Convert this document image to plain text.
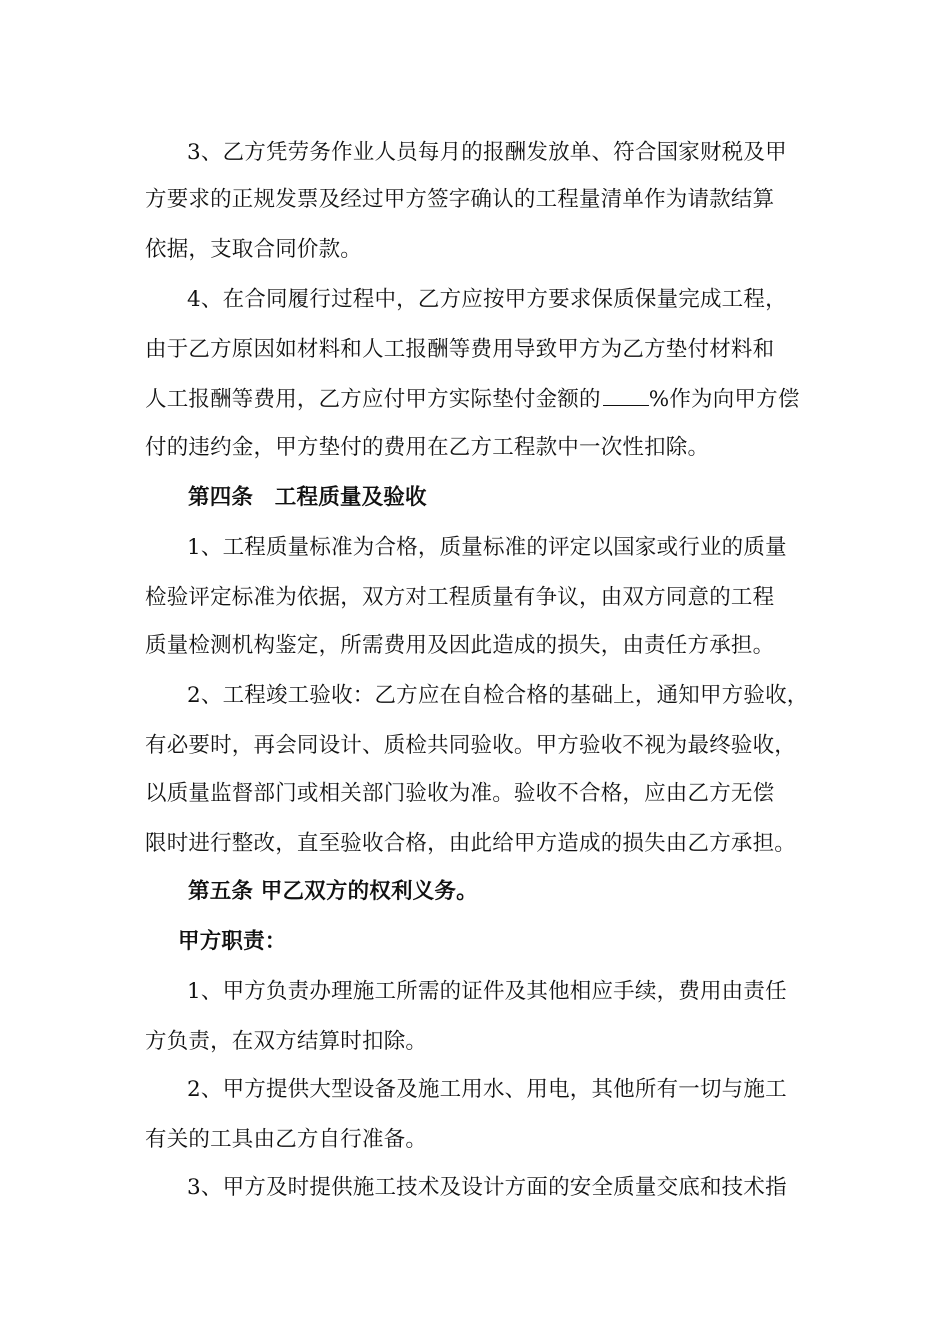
3、乙方凭劳务作业人员每月的报酬发放单、符合国家财税及甲
方要求的正规发票及经过甲方签字确认的工程量清单作为请款结算
依据，支取合同价款。
4、在合同履行过程中，乙方应按甲方要求保质保量完成工程，
由于乙方原因如材料和人工报酬等费用导致甲方为乙方垫付材料和
人工报酬等费用，乙方应付甲方实际垫付金额的 %作为向甲方偿
付的违约金，甲方垫付的费用在乙方工程款中一次性扣除。
第四条　工程质量及验收
1、工程质量标准为合格，质量标准的评定以国家或行业的质量
检验评定标准为依据，双方对工程质量有争议，由双方同意的工程
质量检测机构鉴定，所需费用及因此造成的损失，由责任方承担。
2、工程竣工验收：乙方应在自检合格的基础上，通知甲方验收，
有必要时，再会同设计、质检共同验收。甲方验收不视为最终验收，
以质量监督部门或相关部门验收为准。验收不合格，应由乙方无偿
限时进行整改，直至验收合格，由此给甲方造成的损失由乙方承担。
第五条 甲乙双方的权利义务。
甲方职责：
1、甲方负责办理施工所需的证件及其他相应手续，费用由责任
方负责，在双方结算时扣除。
2、甲方提供大型设备及施工用水、用电，其他所有一切与施工
有关的工具由乙方自行准备。
3、甲方及时提供施工技术及设计方面的安全质量交底和技术指
